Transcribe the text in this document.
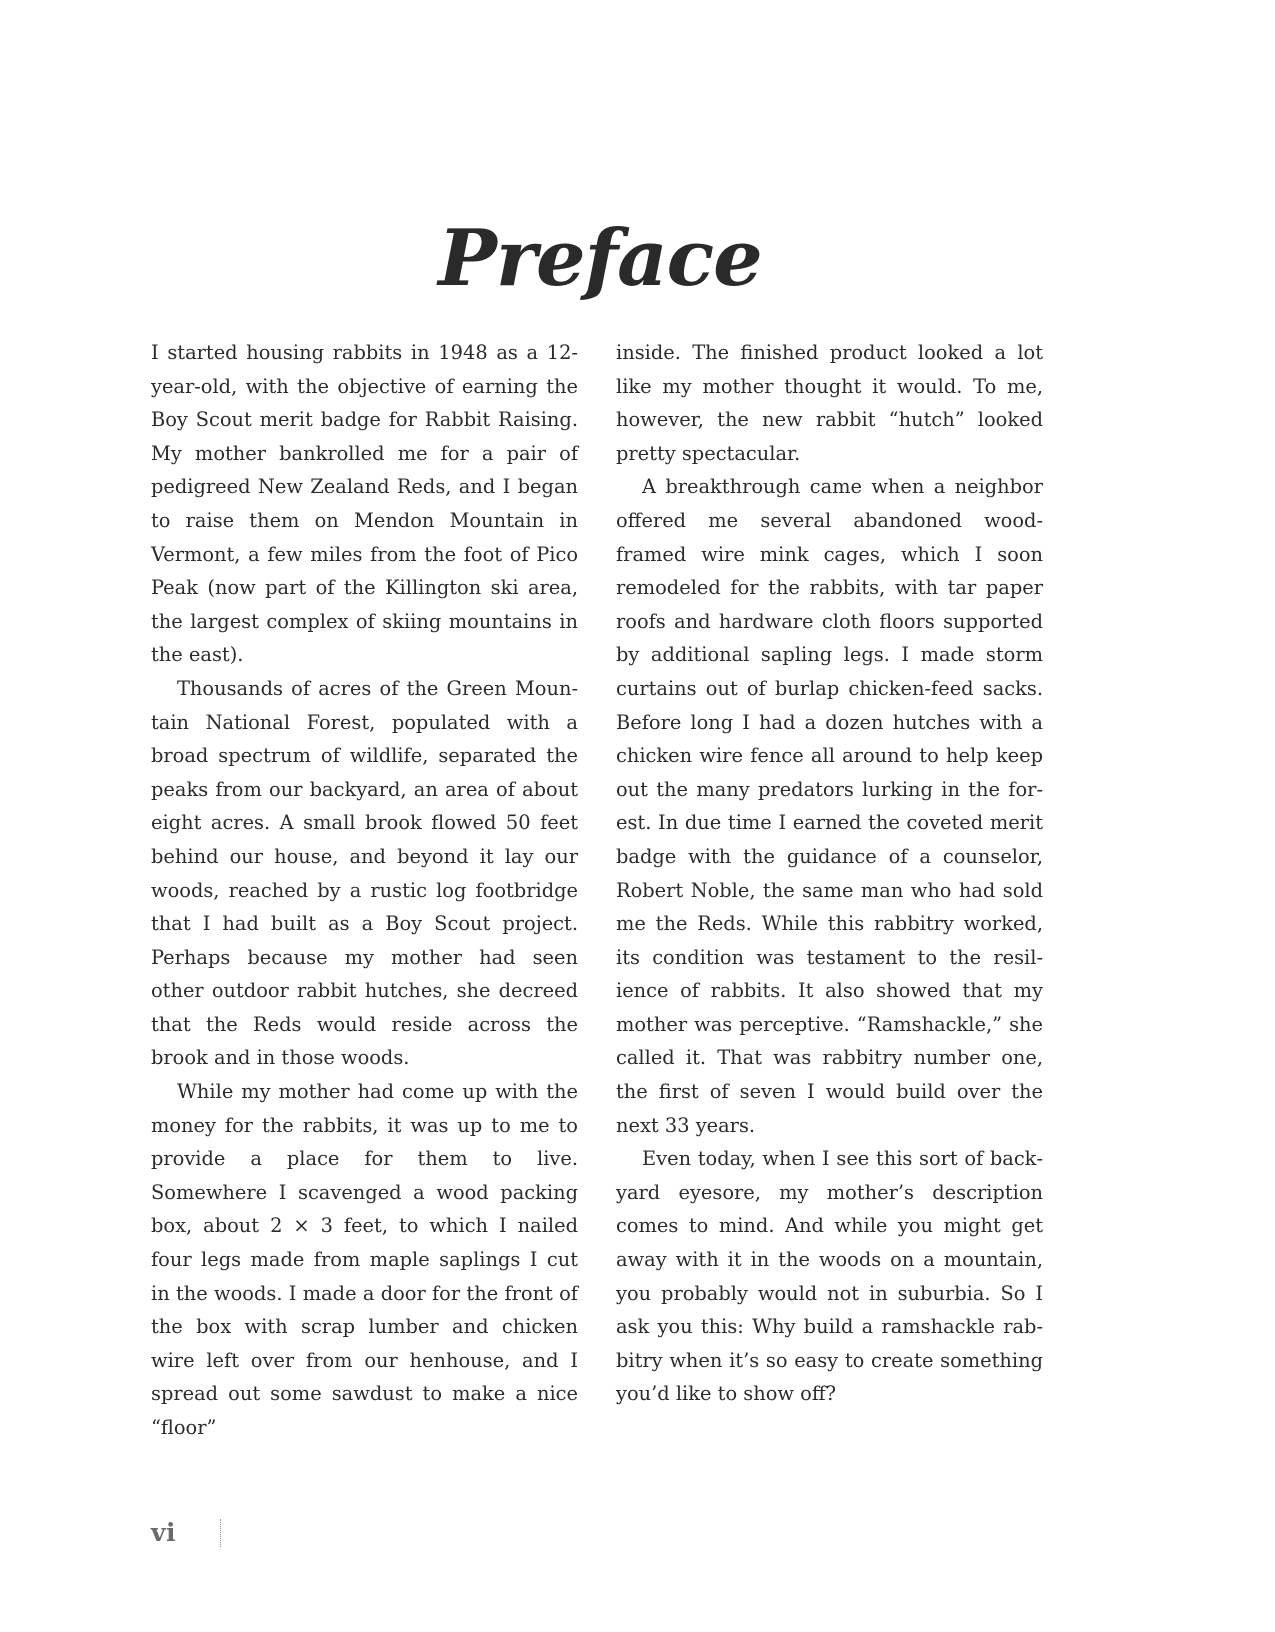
Preface

I started housing rabbits in 1948 as a 12-year-old, with the objective of earning the Boy Scout merit badge for Rabbit Raising. My mother bankrolled me for a pair of pedigreed New Zealand Reds, and I began to raise them on Mendon Mountain in Vermont, a few miles from the foot of Pico Peak (now part of the Killington ski area, the largest complex of skiing mountains in the east).

Thousands of acres of the Green Mountain National Forest, populated with a broad spectrum of wildlife, separated the peaks from our backyard, an area of about eight acres. A small brook flowed 50 feet behind our house, and beyond it lay our woods, reached by a rustic log footbridge that I had built as a Boy Scout project. Perhaps because my mother had seen other outdoor rabbit hutches, she decreed that the Reds would reside across the brook and in those woods.

While my mother had come up with the money for the rabbits, it was up to me to provide a place for them to live. Somewhere I scavenged a wood packing box, about 2 × 3 feet, to which I nailed four legs made from maple saplings I cut in the woods. I made a door for the front of the box with scrap lumber and chicken wire left over from our henhouse, and I spread out some sawdust to make a nice “floor”

inside. The finished product looked a lot like my mother thought it would. To me, however, the new rabbit “hutch” looked pretty spectacular.

A breakthrough came when a neighbor offered me several abandoned wood-framed wire mink cages, which I soon remodeled for the rabbits, with tar paper roofs and hardware cloth floors supported by additional sapling legs. I made storm curtains out of burlap chicken-feed sacks. Before long I had a dozen hutches with a chicken wire fence all around to help keep out the many predators lurking in the forest. In due time I earned the coveted merit badge with the guidance of a counselor, Robert Noble, the same man who had sold me the Reds. While this rabbitry worked, its condition was testament to the resilience of rabbits. It also showed that my mother was perceptive. “Ramshackle,” she called it. That was rabbitry number one, the first of seven I would build over the next 33 years.

Even today, when I see this sort of backyard eyesore, my mother’s description comes to mind. And while you might get away with it in the woods on a mountain, you probably would not in suburbia. So I ask you this: Why build a ramshackle rabbitry when it’s so easy to create something you’d like to show off?

vi
